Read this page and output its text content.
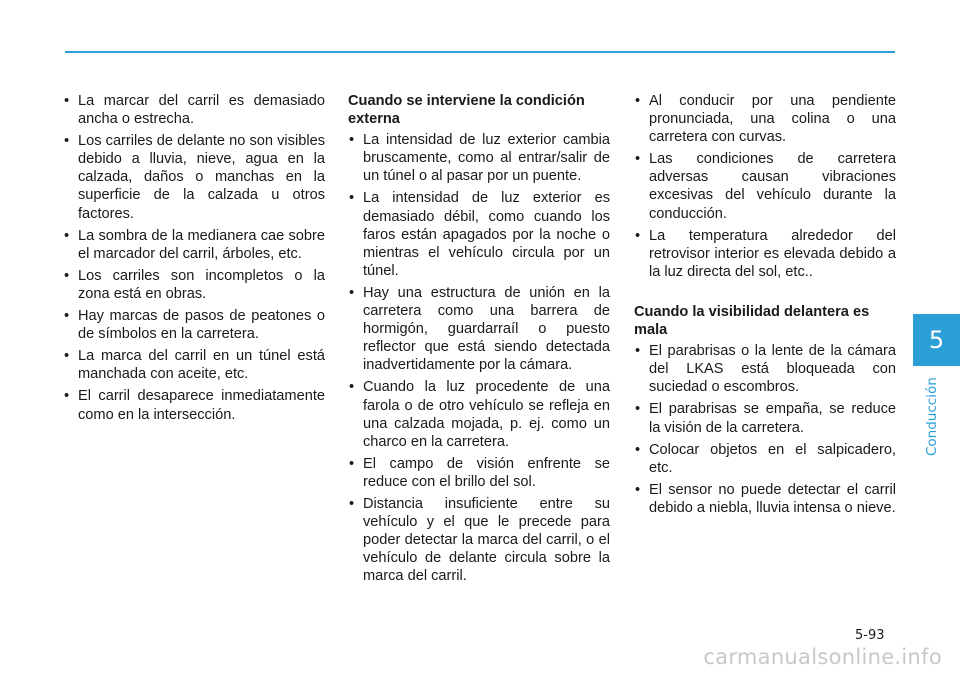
5
Conducción
• La marcar del carril es demasiado ancha o estrecha.
• Los carriles de delante no son visibles debido a lluvia, nieve, agua en la calzada, daños o manchas en la superficie de la calzada u otros factores.
• La sombra de la medianera cae sobre el marcador del carril, árboles, etc.
• Los carriles son incompletos o la zona está en obras.
• Hay marcas de pasos de peatones o de símbolos en la carretera.
• La marca del carril en un túnel está manchada con aceite, etc.
• El carril desaparece inmediatamente como en la intersección.
Cuando se interviene la condición externa
• La intensidad de luz exterior cambia bruscamente, como al entrar/salir de un túnel o al pasar por un puente.
• La intensidad de luz exterior es demasiado débil, como cuando los faros están apagados por la noche o mientras el vehículo circula por un túnel.
• Hay una estructura de unión en la carretera como una barrera de hormigón, guardarraíl o puesto reflector que está siendo detectada inadvertidamente por la cámara.
• Cuando la luz procedente de una farola o de otro vehículo se refleja en una calzada mojada, p. ej. como un charco en la carretera.
• El campo de visión enfrente se reduce con el brillo del sol.
• Distancia insuficiente entre su vehículo y el que le precede para poder detectar la marca del carril, o el vehículo de delante circula sobre la marca del carril.
• Al conducir por una pendiente pronunciada, una colina o una carretera con curvas.
• Las condiciones de carretera adversas causan vibraciones excesivas del vehículo durante la conducción.
• La temperatura alrededor del retrovisor interior es elevada debido a la luz directa del sol, etc..
Cuando la visibilidad delantera es mala
• El parabrisas o la lente de la cámara del LKAS está bloqueada con suciedad o escombros.
• El parabrisas se empaña, se reduce la visión de la carretera.
• Colocar objetos en el salpicadero, etc.
• El sensor no puede detectar el carril debido a niebla, lluvia intensa o nieve.
5-93
carmanualsonline.info
